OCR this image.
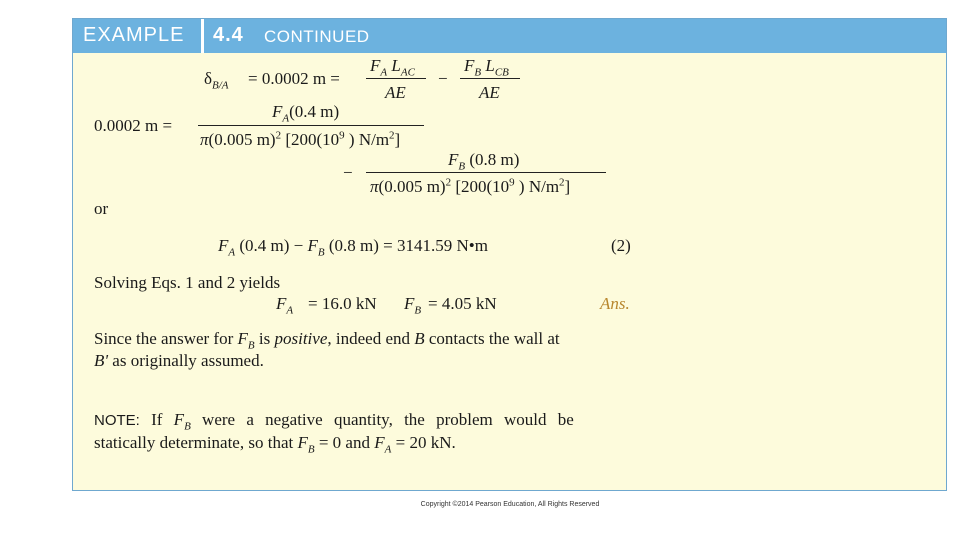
EXAMPLE 4.4 CONTINUED
$\delta_{B/A} = 0.0002$ m =
$F_A$ $L_{AC}$
AE
−
$F_B$ $L_{CB}$
AE
0.0002 m =
$F_A(0.4$ m)
π(0.005 m)$^2$ [$200(10^9$ ) $N/m^2$]
−
$F_B$ (0.8 m)
π(0.005 m)$^2$ [$200(10^9$ ) $N/m^2$]
or
$F_A$ (0.4 $m) - F_B$ (0.8 m) = 3141.59 N•m	(2)
Solving Eqs. 1 and 2 yields
$F_A = 16.0$ kN $F_B = 4.05$ kN	Ans.
Since the answer for $F_B$ is positive, indeed end B contacts the wall at
B' as originally assumed.
NOTE: If $F_B$ were a negative quantity, the problem would be
statically determinate, so that $F_B = 0$ and $F_A = 20$ kN.
Copyright ©2014 Pearson Education, All Rights Reserved
